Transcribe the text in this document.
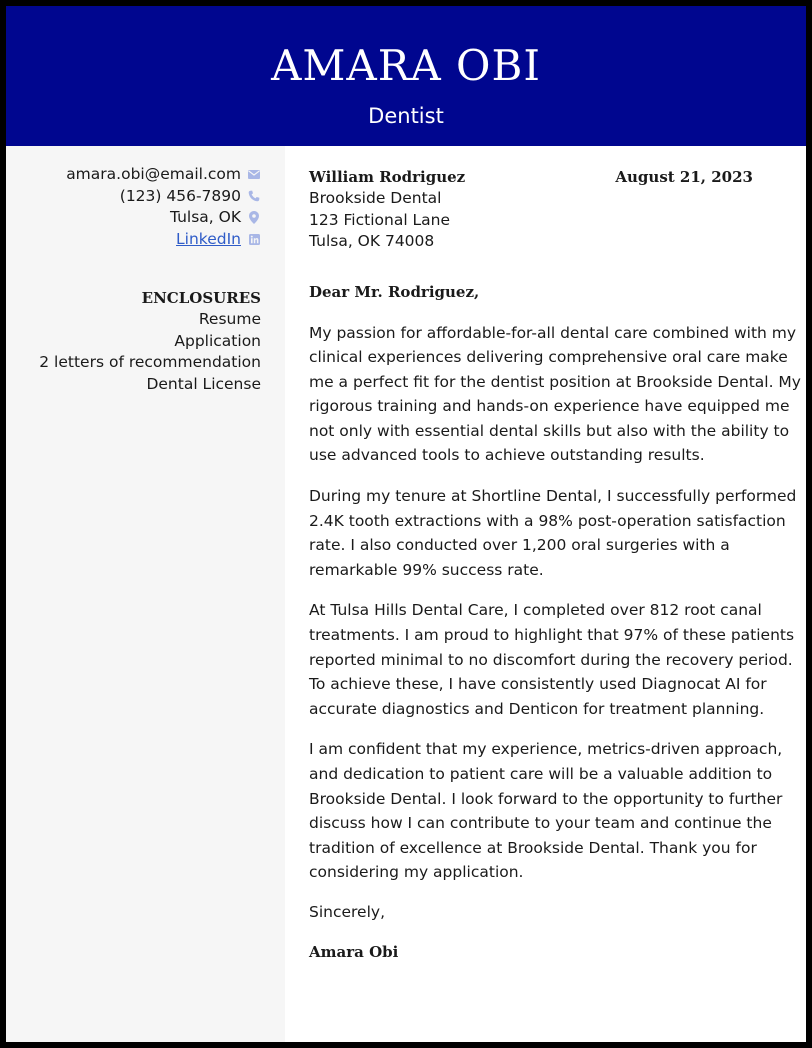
AMARA OBI
Dentist
amara.obi@email.com
(123) 456-7890
Tulsa, OK
LinkedIn
ENCLOSURES
Resume
Application
2 letters of recommendation
Dental License
William Rodriguez	August 21, 2023
Brookside Dental
123 Fictional Lane
Tulsa, OK 74008
Dear Mr. Rodriguez,

My passion for affordable-for-all dental care combined with my
clinical experiences delivering comprehensive oral care make
me a perfect fit for the dentist position at Brookside Dental. My
rigorous training and hands-on experience have equipped me
not only with essential dental skills but also with the ability to
use advanced tools to achieve outstanding results.

During my tenure at Shortline Dental, I successfully performed
2.4K tooth extractions with a 98% post-operation satisfaction
rate. I also conducted over 1,200 oral surgeries with a
remarkable 99% success rate.

At Tulsa Hills Dental Care, I completed over 812 root canal
treatments. I am proud to highlight that 97% of these patients
reported minimal to no discomfort during the recovery period.
To achieve these, I have consistently used Diagnocat AI for
accurate diagnostics and Denticon for treatment planning.

I am confident that my experience, metrics-driven approach,
and dedication to patient care will be a valuable addition to
Brookside Dental. I look forward to the opportunity to further
discuss how I can contribute to your team and continue the
tradition of excellence at Brookside Dental. Thank you for
considering my application.

Sincerely,
Amara Obi
